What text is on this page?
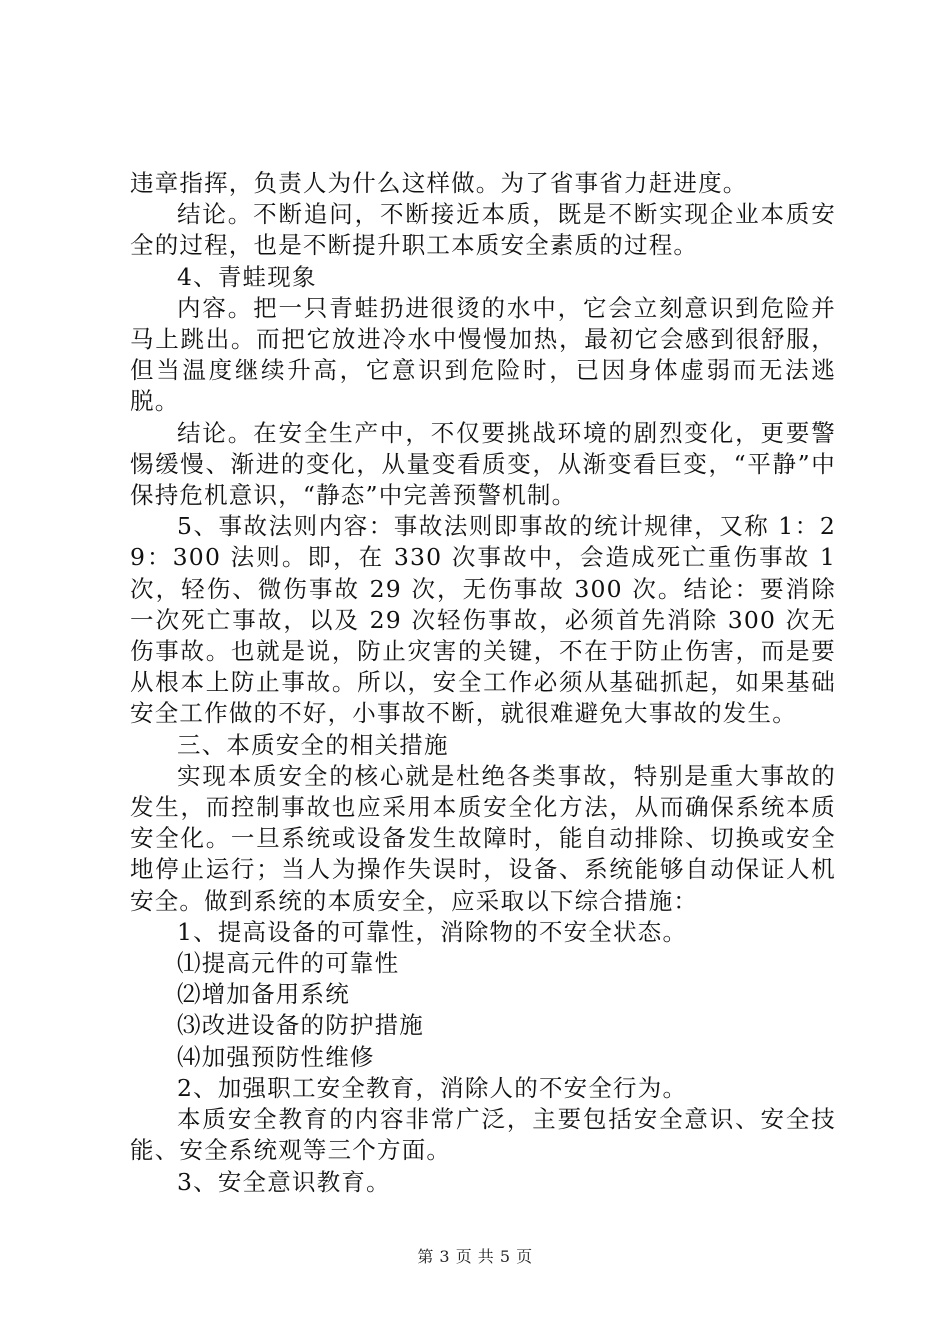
违章指挥，负责人为什么这样做。为了省事省力赶进度。

结论。不断追问，不断接近本质，既是不断实现企业本质安全的过程，也是不断提升职工本质安全素质的过程。

4、青蛙现象

内容。把一只青蛙扔进很烫的水中，它会立刻意识到危险并马上跳出。而把它放进冷水中慢慢加热，最初它会感到很舒服，但当温度继续升高，它意识到危险时，已因身体虚弱而无法逃脱。

结论。在安全生产中，不仅要挑战环境的剧烈变化，更要警惕缓慢、渐进的变化，从量变看质变，从渐变看巨变，“平静”中保持危机意识，“静态”中完善预警机制。

5、事故法则内容：事故法则即事故的统计规律，又称 1：29：300 法则。即，在 330 次事故中，会造成死亡重伤事故 1 次，轻伤、微伤事故 29 次，无伤事故 300 次。结论：要消除一次死亡事故，以及 29 次轻伤事故，必须首先消除 300 次无伤事故。也就是说，防止灾害的关键，不在于防止伤害，而是要从根本上防止事故。所以，安全工作必须从基础抓起，如果基础安全工作做的不好，小事故不断，就很难避免大事故的发生。

三、本质安全的相关措施

实现本质安全的核心就是杜绝各类事故，特别是重大事故的发生，而控制事故也应采用本质安全化方法，从而确保系统本质安全化。一旦系统或设备发生故障时，能自动排除、切换或安全地停止运行；当人为操作失误时，设备、系统能够自动保证人机安全。做到系统的本质安全，应采取以下综合措施：

1、提高设备的可靠性，消除物的不安全状态。

⑴提高元件的可靠性

⑵增加备用系统

⑶改进设备的防护措施

⑷加强预防性维修

2、加强职工安全教育，消除人的不安全行为。

本质安全教育的内容非常广泛，主要包括安全意识、安全技能、安全系统观等三个方面。

3、安全意识教育。

第 3 页 共 5 页
